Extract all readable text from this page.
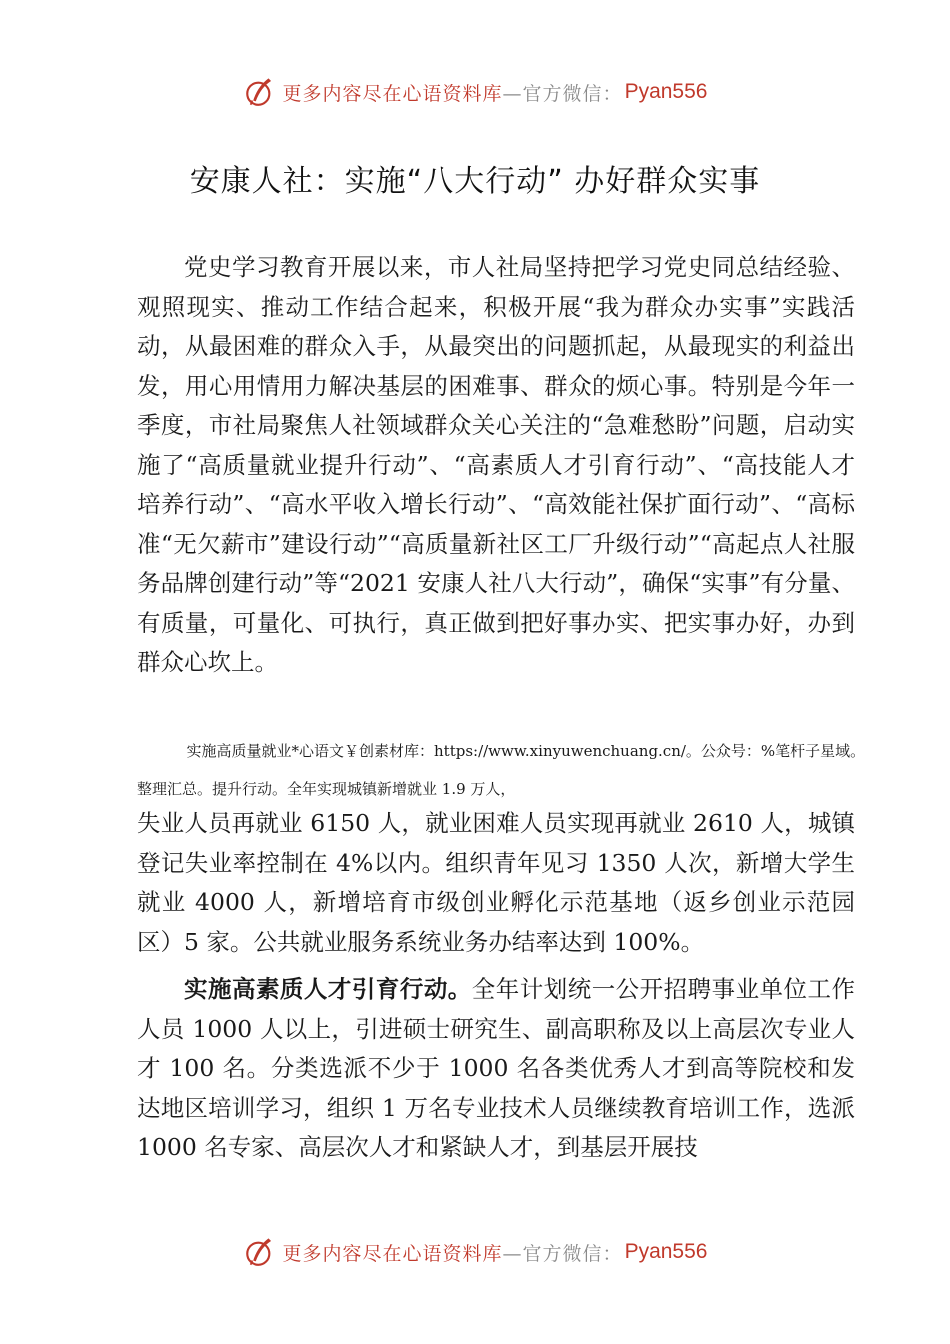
更多内容尽在心语资料库 —官方微信： Pyan556
安康人社：实施“八大行动” 办好群众实事

党史学习教育开展以来，市人社局坚持把学习党史同总结经验、观照现实、推动工作结合起来，积极开展“我为群众办实事”实践活动，从最困难的群众入手，从最突出的问题抓起，从最现实的利益出发，用心用情用力解决基层的困难事、群众的烦心事。特别是今年一季度，市社局聚焦人社领域群众关心关注的“急难愁盼”问题，启动实施了“高质量就业提升行动”、“高素质人才引育行动”、“高技能人才培养行动”、“高水平收入增长行动”、“高效能社保扩面行动”、“高标准“无欠薪市”建设行动”“高质量新社区工厂升级行动”“高起点人社服务品牌创建行动”等“2021 安康人社八大行动”，确保“实事”有分量、有质量，可量化、可执行，真正做到把好事办实、把实事办好，办到群众心坎上。

实施高质量就业*心语文￥创素材库：https://www.xinyuwenchuang.cn/。公众号：%笔杆子星域。整理汇总。提升行动。全年实现城镇新增就业 1.9 万人，

失业人员再就业 6150 人，就业困难人员实现再就业 2610 人，城镇登记失业率控制在 4%以内。组织青年见习 1350 人次，新增大学生就业 4000 人，新增培育市级创业孵化示范基地（返乡创业示范园区）5 家。公共就业服务系统业务办结率达到 100%。

实施高素质人才引育行动。全年计划统一公开招聘事业单位工作人员 1000 人以上，引进硕士研究生、副高职称及以上高层次专业人才 100 名。分类选派不少于 1000 名各类优秀人才到高等院校和发达地区培训学习，组织 1 万名专业技术人员继续教育培训工作，选派 1000 名专家、高层次人才和紧缺人才，到基层开展技

更多内容尽在心语资料库 —官方微信： Pyan556
